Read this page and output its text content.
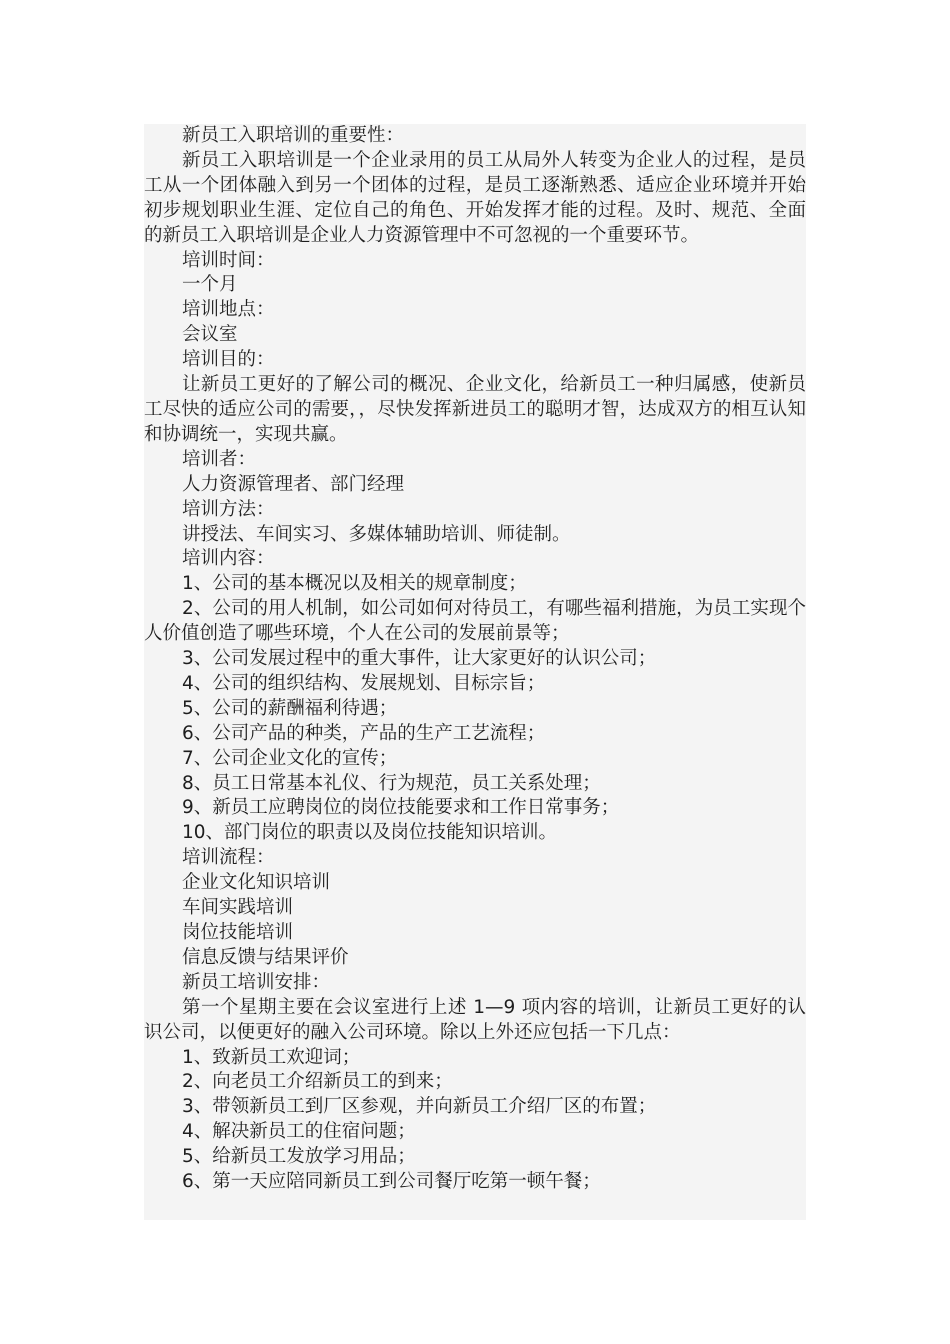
新员工入职培训的重要性：

新员工入职培训是一个企业录用的员工从局外人转变为企业人的过程，是员工从一个团体融入到另一个团体的过程，是员工逐渐熟悉、适应企业环境并开始初步规划职业生涯、定位自己的角色、开始发挥才能的过程。及时、规范、全面的新员工入职培训是企业人力资源管理中不可忽视的一个重要环节。

培训时间：

一个月

培训地点：

会议室

培训目的：

让新员工更好的了解公司的概况、企业文化，给新员工一种归属感，使新员工尽快的适应公司的需要，，尽快发挥新进员工的聪明才智，达成双方的相互认知和协调统一，实现共赢。

培训者：

人力资源管理者、部门经理

培训方法：

讲授法、车间实习、多媒体辅助培训、师徒制。

培训内容：

1、公司的基本概况以及相关的规章制度；

2、公司的用人机制，如公司如何对待员工，有哪些福利措施，为员工实现个人价值创造了哪些环境，个人在公司的发展前景等；

3、公司发展过程中的重大事件，让大家更好的认识公司；

4、公司的组织结构、发展规划、目标宗旨；

5、公司的薪酬福利待遇；

6、公司产品的种类，产品的生产工艺流程；

7、公司企业文化的宣传；

8、员工日常基本礼仪、行为规范，员工关系处理；

9、新员工应聘岗位的岗位技能要求和工作日常事务；

10、部门岗位的职责以及岗位技能知识培训。

培训流程：

企业文化知识培训

车间实践培训

岗位技能培训

信息反馈与结果评价

新员工培训安排：

第一个星期主要在会议室进行上述 1—9 项内容的培训，让新员工更好的认识公司，以便更好的融入公司环境。除以上外还应包括一下几点：

1、致新员工欢迎词；

2、向老员工介绍新员工的到来；

3、带领新员工到厂区参观，并向新员工介绍厂区的布置；

4、解决新员工的住宿问题；

5、给新员工发放学习用品；

6、第一天应陪同新员工到公司餐厅吃第一顿午餐；
